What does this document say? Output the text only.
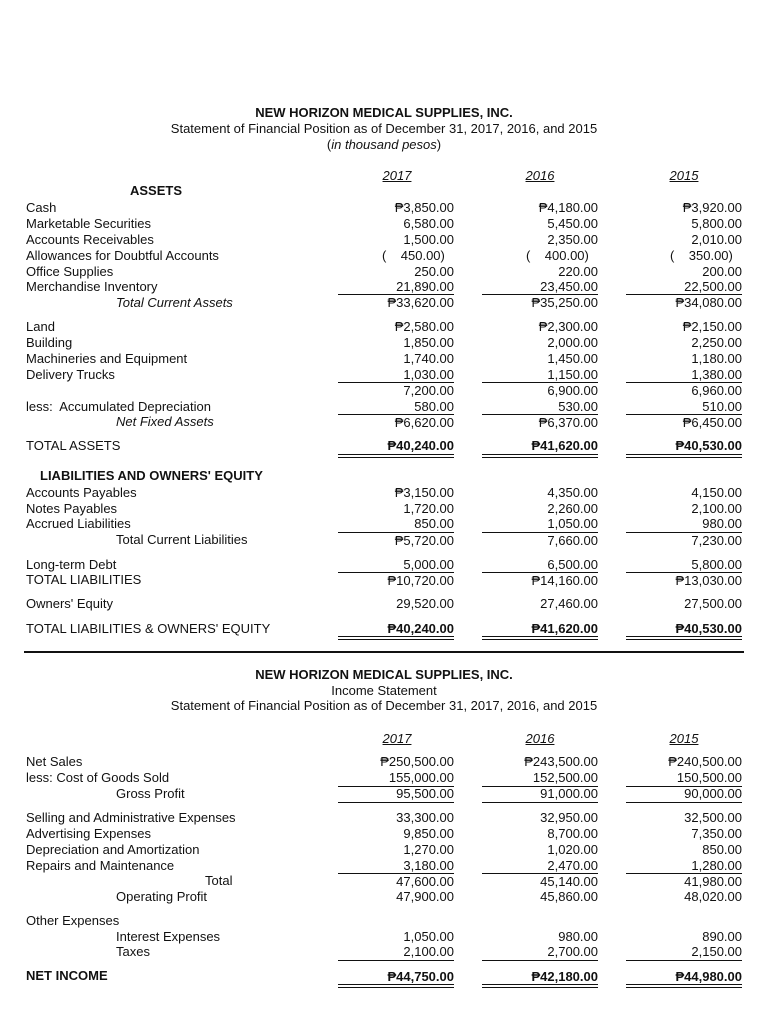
NEW HORIZON MEDICAL SUPPLIES, INC.
Statement of Financial Position as of December 31, 2017, 2016, and 2015
(in thousand pesos)
2017	2016	2015
ASSETS
Cash	₱3,850.00	₱4,180.00	₱3,920.00
Marketable Securities	6,580.00	5,450.00	5,800.00
Accounts Receivables	1,500.00	2,350.00	2,010.00
Allowances for Doubtful Accounts	(    450.00)	(    400.00)	(    350.00)
Office Supplies	250.00	220.00	200.00
Merchandise Inventory	21,890.00	23,450.00	22,500.00
Total Current Assets	₱33,620.00	₱35,250.00	₱34,080.00
Land	₱2,580.00	₱2,300.00	₱2,150.00
Building	1,850.00	2,000.00	2,250.00
Machineries and Equipment	1,740.00	1,450.00	1,180.00
Delivery Trucks	1,030.00	1,150.00	1,380.00
7,200.00	6,900.00	6,960.00
less:  Accumulated Depreciation	580.00	530.00	510.00
Net Fixed Assets	₱6,620.00	₱6,370.00	₱6,450.00
TOTAL ASSETS	₱40,240.00	₱41,620.00	₱40,530.00
LIABILITIES AND OWNERS' EQUITY
Accounts Payables	₱3,150.00	4,350.00	4,150.00
Notes Payables	1,720.00	2,260.00	2,100.00
Accrued Liabilities	850.00	1,050.00	980.00
Total Current Liabilities	₱5,720.00	7,660.00	7,230.00
Long-term Debt	5,000.00	6,500.00	5,800.00
TOTAL LIABILITIES	₱10,720.00	₱14,160.00	₱13,030.00
Owners' Equity	29,520.00	27,460.00	27,500.00
TOTAL LIABILITIES & OWNERS' EQUITY	₱40,240.00	₱41,620.00	₱40,530.00
NEW HORIZON MEDICAL SUPPLIES, INC.
Income Statement
Statement of Financial Position as of December 31, 2017, 2016, and 2015
2017	2016	2015
Net Sales	₱250,500.00	₱243,500.00	₱240,500.00
less: Cost of Goods Sold	155,000.00	152,500.00	150,500.00
Gross Profit	95,500.00	91,000.00	90,000.00
Selling and Administrative Expenses	33,300.00	32,950.00	32,500.00
Advertising Expenses	9,850.00	8,700.00	7,350.00
Depreciation and Amortization	1,270.00	1,020.00	850.00
Repairs and Maintenance	3,180.00	2,470.00	1,280.00
Total	47,600.00	45,140.00	41,980.00
Operating Profit	47,900.00	45,860.00	48,020.00
Other Expenses
Interest Expenses	1,050.00	980.00	890.00
Taxes	2,100.00	2,700.00	2,150.00
NET INCOME	₱44,750.00	₱42,180.00	₱44,980.00
